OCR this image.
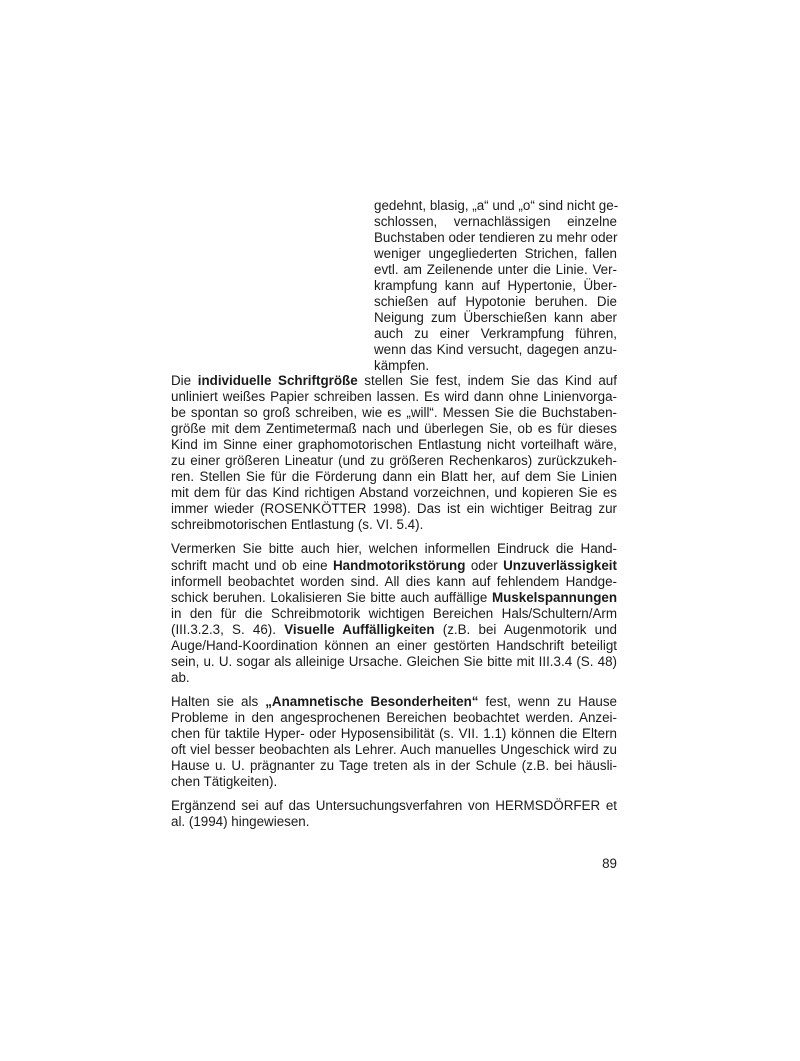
gedehnt, blasig, „a“ und „o“ sind nicht ge-
schlossen, vernachlässigen einzelne
Buchstaben oder tendieren zu mehr oder
weniger ungegliederten Strichen, fallen
evtl. am Zeilenende unter die Linie. Ver-
krampfung kann auf Hypertonie, Über-
schießen auf Hypotonie beruhen. Die
Neigung zum Überschießen kann aber
auch zu einer Verkrampfung führen,
wenn das Kind versucht, dagegen anzu-
kämpfen.

Die individuelle Schriftgröße stellen Sie fest, indem Sie das Kind auf
unliniert weißes Papier schreiben lassen. Es wird dann ohne Linienvorga-
be spontan so groß schreiben, wie es „will“. Messen Sie die Buchstaben-
größe mit dem Zentimetermaß nach und überlegen Sie, ob es für dieses
Kind im Sinne einer graphomotorischen Entlastung nicht vorteilhaft wäre,
zu einer größeren Lineatur (und zu größeren Rechenkaros) zurückzukeh-
ren. Stellen Sie für die Förderung dann ein Blatt her, auf dem Sie Linien
mit dem für das Kind richtigen Abstand vorzeichnen, und kopieren Sie es
immer wieder (ROSENKÖTTER 1998). Das ist ein wichtiger Beitrag zur
schreibmotorischen Entlastung (s. VI. 5.4).

Vermerken Sie bitte auch hier, welchen informellen Eindruck die Hand-
schrift macht und ob eine Handmotorikstörung oder Unzuverlässigkeit
informell beobachtet worden sind. All dies kann auf fehlendem Handge-
schick beruhen. Lokalisieren Sie bitte auch auffällige Muskelspannungen
in den für die Schreibmotorik wichtigen Bereichen Hals/Schultern/Arm
(III.3.2.3, S. 46). Visuelle Auffälligkeiten (z.B. bei Augenmotorik und
Auge/Hand-Koordination können an einer gestörten Handschrift beteiligt
sein, u. U. sogar als alleinige Ursache. Gleichen Sie bitte mit III.3.4 (S. 48)
ab.

Halten sie als „Anamnetische Besonderheiten“ fest, wenn zu Hause
Probleme in den angesprochenen Bereichen beobachtet werden. Anzei-
chen für taktile Hyper- oder Hyposensibilität (s. VII. 1.1) können die Eltern
oft viel besser beobachten als Lehrer. Auch manuelles Ungeschick wird zu
Hause u. U. prägnanter zu Tage treten als in der Schule (z.B. bei häusli-
chen Tätigkeiten).

Ergänzend sei auf das Untersuchungsverfahren von HERMSDÖRFER et
al. (1994) hingewiesen.

89
